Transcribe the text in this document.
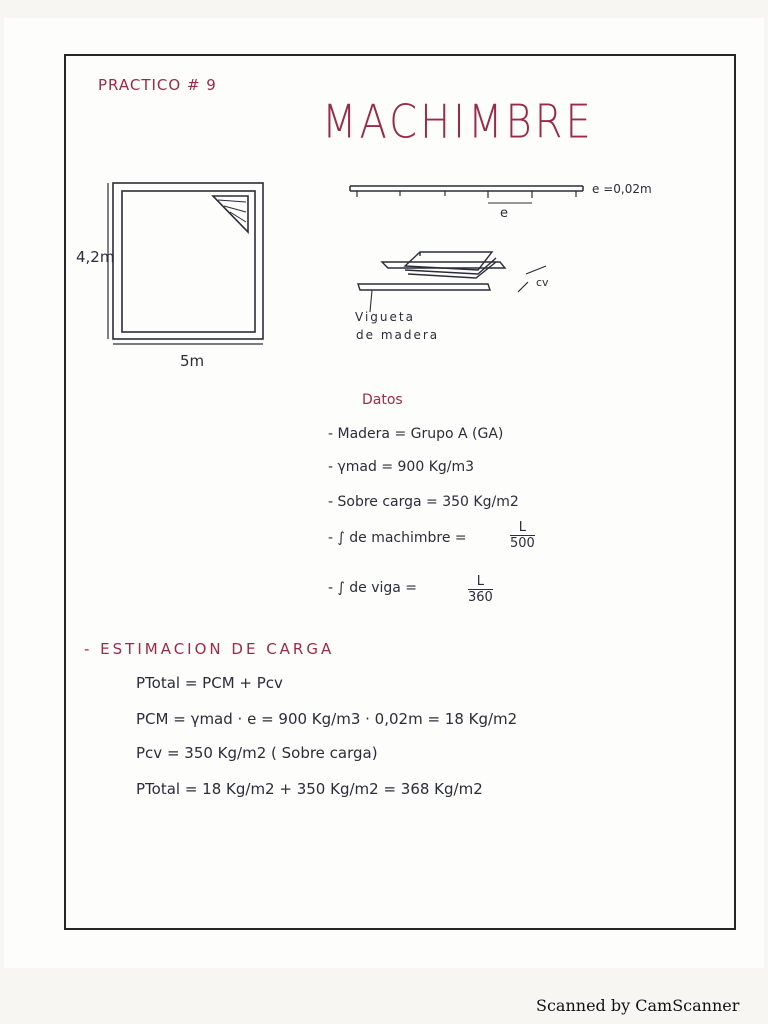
PRACTICO # 9
MACHIMBRE
4,2m
5m
e =0,02m
e
cv
Vigueta
de madera
Datos
- Madera = Grupo A (GA)
- γmad = 900 Kg/m3
- Sobre carga = 350 Kg/m2
- ∫ de machimbre =	$\frac{L}{500}$
- ∫ de viga =	$\frac{L}{360}$
- ESTIMACION DE CARGA
PTotal = PCM + Pcv
PCM = γmad · e = 900 Kg/m3 · 0,02m = 18 Kg/m2
Pcv = 350 Kg/m2 ( Sobre carga)
PTotal = 18 Kg/m2 + 350 Kg/m2 = 368 Kg/m2
Scanned by CamScanner
